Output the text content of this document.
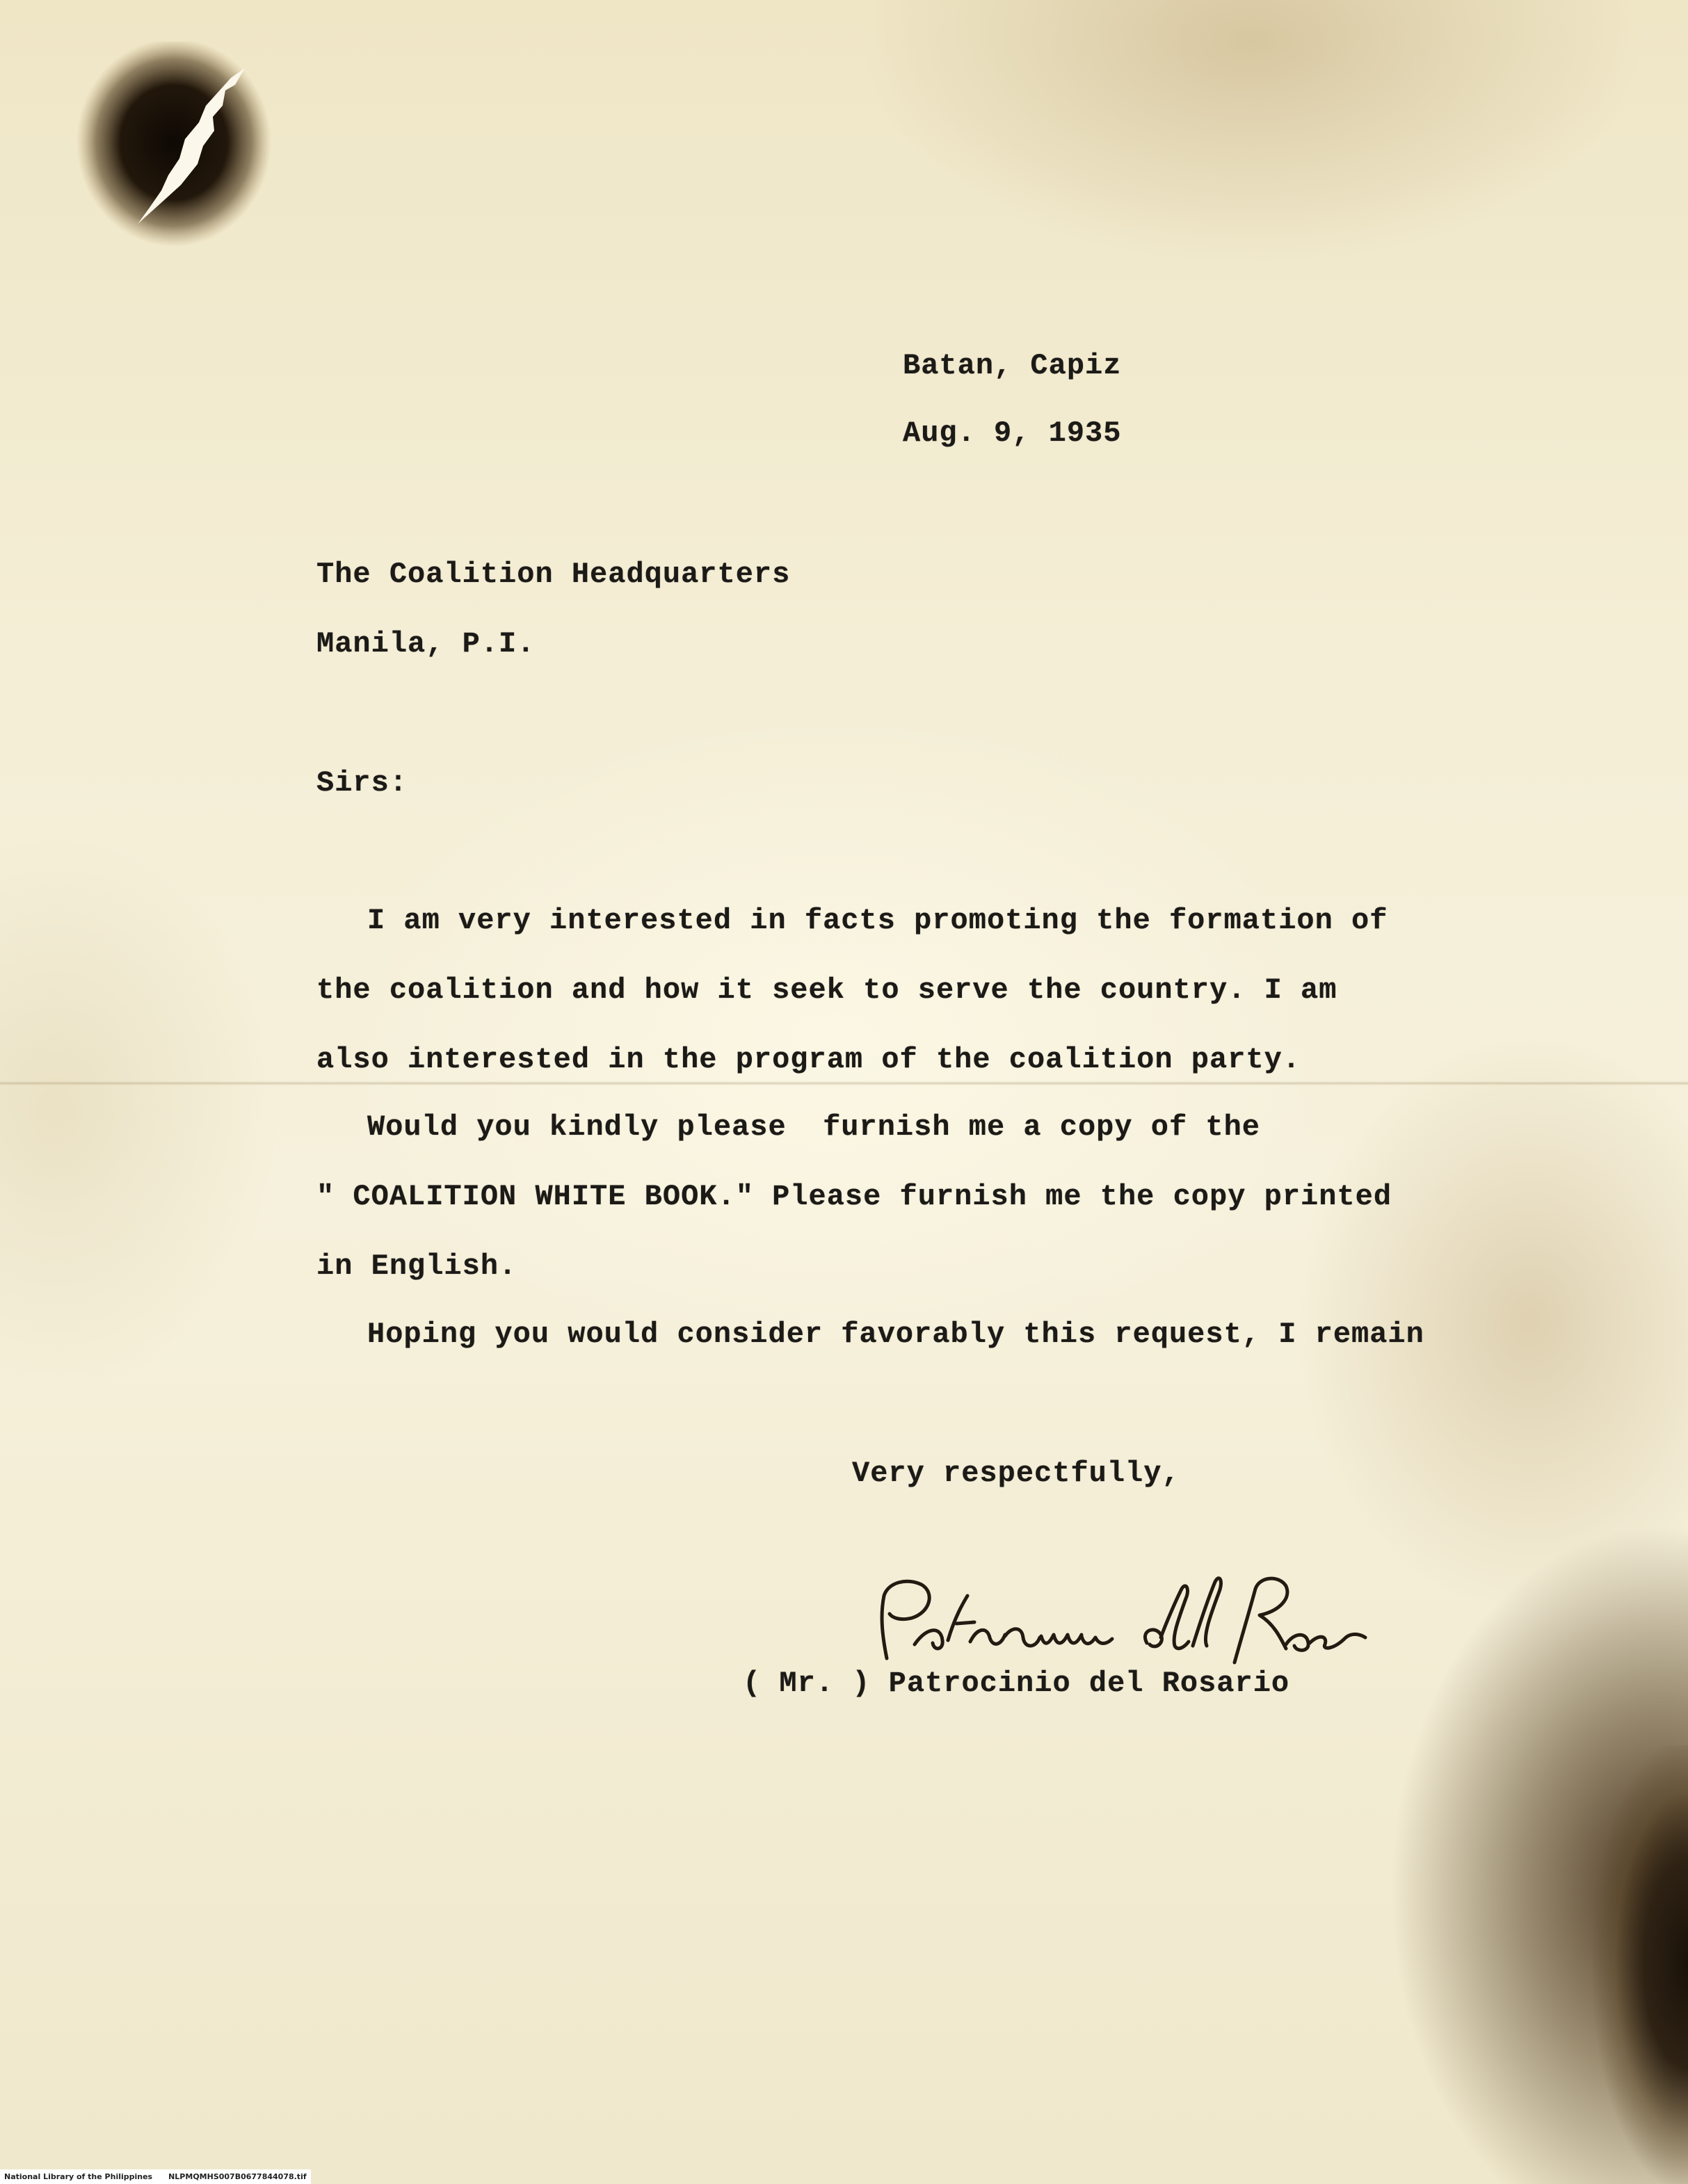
Batan, Capiz
Aug. 9, 1935
The Coalition Headquarters
Manila, P.I.
Sirs:
I am very interested in facts promoting the formation of
the coalition and how it seek to serve the country. I am
also interested in the program of the coalition party.
Would you kindly please  furnish me a copy of the
" COALITION WHITE BOOK." Please furnish me the copy printed
in English.
Hoping you would consider favorably this request, I remain
Very respectfully,
( Mr. ) Patrocinio del Rosario
National Library of the Philippines NLPMQMHS007B0677844078.tif
